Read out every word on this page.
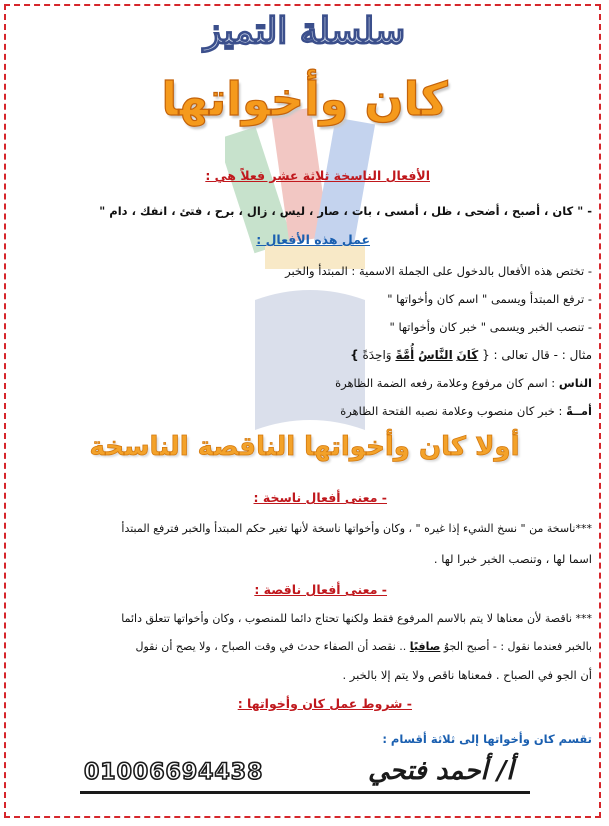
سلسلة التميز
كان وأخواتها
الأفعال الناسخة ثلاثة عشر فعلاً هي :
- " كان ، أصبح ، أضحى ، ظل ، أمسى ، بات ، صار ، ليس ، زال ، برح ، فتئ ، انفك ، دام "
عمل هذه الأفعال :
- تختص هذه الأفعال بالدخول على الجملة الاسمية : المبتدأ والخبر
- ترفع المبتدأ ويسمى " اسم كان وأخواتها "
- تنصب الخبر ويسمى " خبر كان وأخواتها "
مثال : - قال تعالى : { كَانَ النَّاسُ أُمَّةً وَاحِدَةً }
الناس : اسم كان مرفوع وعلامة رفعه الضمة الظاهرة
أمــةً : خبر كان منصوب وعلامة نصبه الفتحة الظاهرة
أولا كان وأخواتها الناقصة الناسخة
- معنى أفعال ناسخة :
***ناسخة من " نسخ الشيء إذا غيره " ، وكان وأخواتها ناسخة لأنها تغير حكم المبتدأ والخبر فترفع المبتدأ
اسما لها ، وتنصب الخبر خبرا لها .
- معنى أفعال ناقصة :
*** ناقصة لأن معناها لا يتم بالاسم المرفوع فقط ولكنها تحتاج دائما للمنصوب ، وكان وأخواتها تتعلق دائما
بالخبر فعندما نقول : - أصبح الجوُ صافيًا .. نقصد أن الصفاء حدث في وقت الصباح ، ولا يصح أن نقول
أن الجو في الصباح . فمعناها ناقص ولا يتم إلا بالخبر .
- شروط عمل كان وأخواتها :
تقسم كان وأخواتها إلى ثلاثة أقسام :
01006694438	أ/ أحمد فتحي
